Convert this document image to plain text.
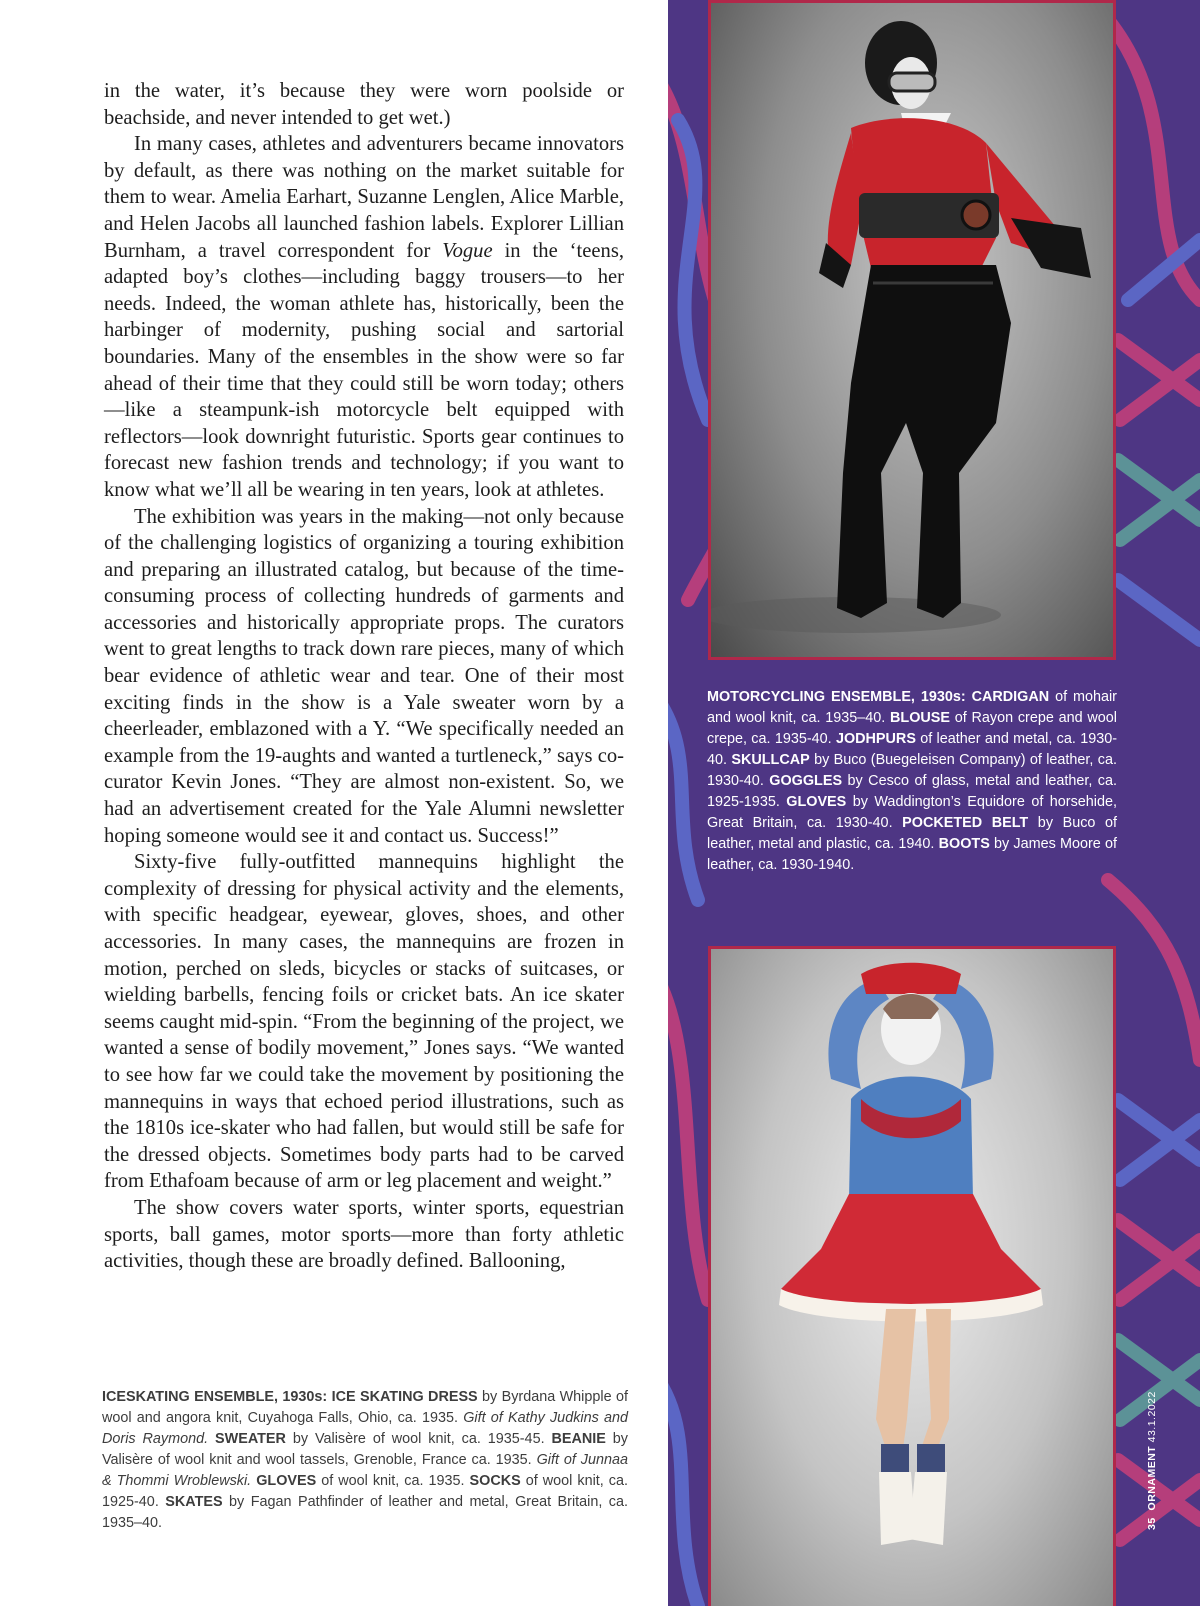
in the water, it’s because they were worn poolside or beachside, and never intended to get wet.)

In many cases, athletes and adventurers became innovators by default, as there was nothing on the market suitable for them to wear. Amelia Earhart, Suzanne Lenglen, Alice Marble, and Helen Jacobs all launched fashion labels. Explorer Lillian Burnham, a travel correspondent for Vogue in the ‘teens, adapted boy’s clothes—including baggy trousers—to her needs. Indeed, the woman athlete has, historically, been the harbinger of modernity, pushing social and sartorial boundaries. Many of the ensembles in the show were so far ahead of their time that they could still be worn today; others—like a steampunk-ish motorcycle belt equipped with reflectors—look downright futuristic. Sports gear continues to forecast new fashion trends and technology; if you want to know what we’ll all be wearing in ten years, look at athletes.

The exhibition was years in the making—not only because of the challenging logistics of organizing a touring exhibition and preparing an illustrated catalog, but because of the time-consuming process of collecting hundreds of garments and accessories and historically appropriate props. The curators went to great lengths to track down rare pieces, many of which bear evidence of athletic wear and tear. One of their most exciting finds in the show is a Yale sweater worn by a cheerleader, emblazoned with a Y. “We specifically needed an example from the 19-aughts and wanted a turtleneck,” says co-curator Kevin Jones. “They are almost non-existent. So, we had an advertisement created for the Yale Alumni newsletter hoping someone would see it and contact us. Success!”

Sixty-five fully-outfitted mannequins highlight the complexity of dressing for physical activity and the elements, with specific headgear, eyewear, gloves, shoes, and other accessories. In many cases, the mannequins are frozen in motion, perched on sleds, bicycles or stacks of suitcases, or wielding barbells, fencing foils or cricket bats. An ice skater seems caught mid-spin. “From the beginning of the project, we wanted a sense of bodily movement,” Jones says. “We wanted to see how far we could take the movement by positioning the mannequins in ways that echoed period illustrations, such as the 1810s ice-skater who had fallen, but would still be safe for the dressed objects. Sometimes body parts had to be carved from Ethafoam because of arm or leg placement and weight.”

The show covers water sports, winter sports, equestrian sports, ball games, motor sports—more than forty athletic activities, though these are broadly defined. Ballooning,

ICESKATING ENSEMBLE, 1930s: ICE SKATING DRESS by Byrdana Whipple of wool and angora knit, Cuyahoga Falls, Ohio, ca. 1935. Gift of Kathy Judkins and Doris Raymond. SWEATER by Valisère of wool knit, ca. 1935-45. BEANIE by Valisère of wool knit and wool tassels, Grenoble, France ca. 1935. Gift of Junnaa & Thommi Wroblewski. GLOVES of wool knit, ca. 1935. SOCKS of wool knit, ca. 1925-40. SKATES by Fagan Pathfinder of leather and metal, Great Britain, ca. 1935–40.
MOTORCYCLING ENSEMBLE, 1930s: CARDIGAN of mohair and wool knit, ca. 1935–40. BLOUSE of Rayon crepe and wool crepe, ca. 1935-40. JODHPURS of leather and metal, ca. 1930-40. SKULLCAP by Buco (Buegeleisen Company) of leather, ca. 1930-40. GOGGLES by Cesco of glass, metal and leather, ca. 1925-1935. GLOVES by Waddington’s Equidore of horsehide, Great Britain, ca. 1930-40. POCKETED BELT by Buco of leather, metal and plastic, ca. 1940. BOOTS by James Moore of leather, ca. 1930-1940.
35  ORNAMENT 43.1.2022
